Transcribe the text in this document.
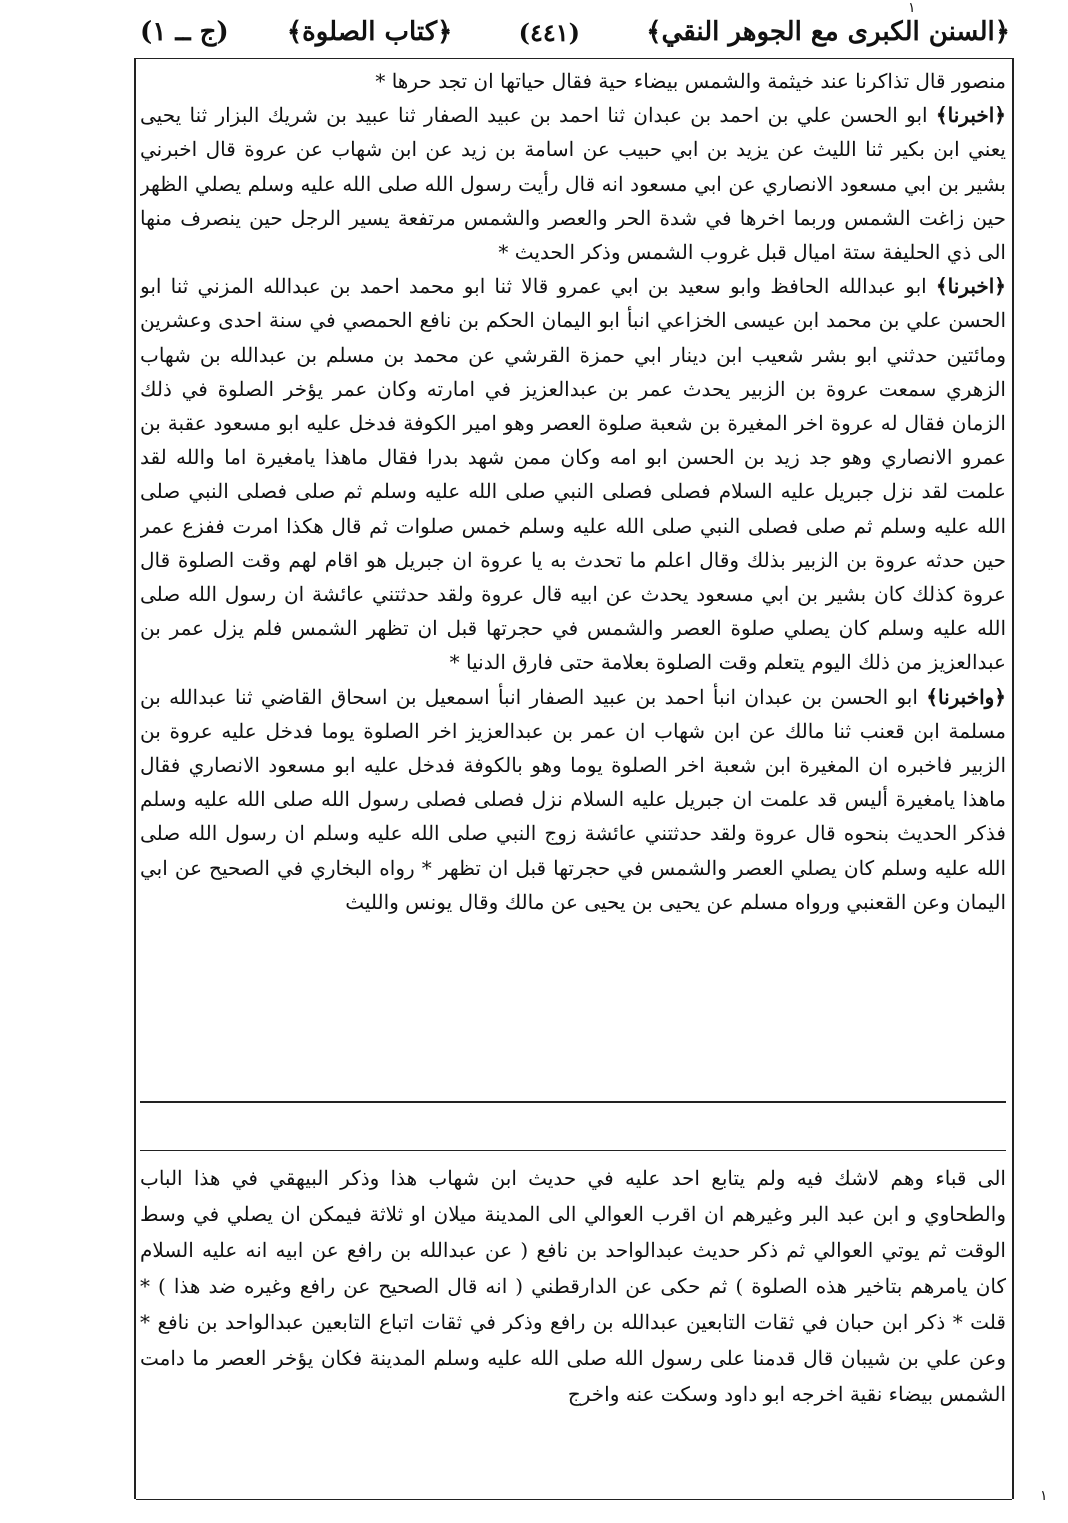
١
﴿السنن الكبرى مع الجوهر النقي﴾
(٤٤١)
﴿كتاب الصلوة﴾  (ج ــ ١)

منصور قال تذاكرنا عند خيثمة والشمس بيضاء حية فقال حياتها ان تجد حرها *

﴿اخبرنا﴾ ابو الحسن علي بن احمد بن عبدان ثنا احمد بن عبيد الصفار ثنا عبيد بن شريك البزار ثنا يحيى يعني ابن بكير ثنا الليث عن يزيد بن ابي حبيب عن اسامة بن زيد عن ابن شهاب عن عروة قال اخبرني بشير بن ابي مسعود الانصاري عن ابي مسعود انه قال رأيت رسول الله صلى الله عليه وسلم يصلي الظهر حين زاغت الشمس وربما اخرها في شدة الحر والعصر والشمس مرتفعة يسير الرجل حين ينصرف منها الى ذي الحليفة ستة اميال قبل غروب الشمس وذكر الحديث *

﴿اخبرنا﴾ ابو عبدالله الحافظ وابو سعيد بن ابي عمرو قالا ثنا ابو محمد احمد بن عبدالله المزني ثنا ابو الحسن علي بن محمد ابن عيسى الخزاعي انبأ ابو اليمان الحكم بن نافع الحمصي في سنة احدى وعشرين ومائتين حدثني ابو بشر شعيب ابن دينار ابي حمزة القرشي عن محمد بن مسلم بن عبدالله بن شهاب الزهري سمعت عروة بن الزبير يحدث عمر بن عبدالعزيز في امارته وكان عمر يؤخر الصلوة في ذلك الزمان فقال له عروة اخر المغيرة بن شعبة صلوة العصر وهو امير الكوفة فدخل عليه ابو مسعود عقبة بن عمرو الانصاري وهو جد زيد بن الحسن ابو امه وكان ممن شهد بدرا فقال ماهذا يامغيرة اما والله لقد علمت لقد نزل جبريل عليه السلام فصلى فصلى النبي صلى الله عليه وسلم ثم صلى فصلى النبي صلى الله عليه وسلم ثم صلى فصلى النبي صلى الله عليه وسلم خمس صلوات ثم قال هكذا امرت ففزع عمر حين حدثه عروة بن الزبير بذلك وقال اعلم ما تحدث به يا عروة ان جبريل هو اقام لهم وقت الصلوة قال عروة كذلك كان بشير بن ابي مسعود يحدث عن ابيه قال عروة ولقد حدثتني عائشة ان رسول الله صلى الله عليه وسلم كان يصلي صلوة العصر والشمس في حجرتها قبل ان تظهر الشمس فلم يزل عمر بن عبدالعزيز من ذلك اليوم يتعلم وقت الصلوة بعلامة حتى فارق الدنيا *

﴿واخبرنا﴾ ابو الحسن بن عبدان انبأ احمد بن عبيد الصفار انبأ اسمعيل بن اسحاق القاضي ثنا عبدالله بن مسلمة ابن قعنب ثنا مالك عن ابن شهاب ان عمر بن عبدالعزيز اخر الصلوة يوما فدخل عليه عروة بن الزبير فاخبره ان المغيرة ابن شعبة اخر الصلوة يوما وهو بالكوفة فدخل عليه ابو مسعود الانصاري فقال ماهذا يامغيرة أليس قد علمت ان جبريل عليه السلام نزل فصلى فصلى رسول الله صلى الله عليه وسلم فذكر الحديث بنحوه قال عروة ولقد حدثتني عائشة زوج النبي صلى الله عليه وسلم ان رسول الله صلى الله عليه وسلم كان يصلي العصر والشمس في حجرتها قبل ان تظهر * رواه البخاري في الصحيح عن ابي اليمان وعن القعنبي ورواه مسلم عن يحيى بن يحيى عن مالك وقال يونس والليث

الى قباء وهم لاشك فيه ولم يتابع احد عليه في حديث ابن شهاب هذا وذكر البيهقي في هذا الباب والطحاوي و ابن عبد البر وغيرهم ان اقرب العوالي الى المدينة ميلان او ثلاثة فيمكن ان يصلي في وسط الوقت ثم يوتي العوالي ثم ذكر حديث عبدالواحد بن نافع ( عن عبدالله بن رافع عن ابيه انه عليه السلام كان يامرهم بتاخير هذه الصلوة ) ثم حكى عن الدارقطني ( انه قال الصحيح عن رافع وغيره ضد هذا ) * قلت * ذكر ابن حبان في ثقات التابعين عبدالله بن رافع وذكر في ثقات اتباع التابعين عبدالواحد بن نافع * وعن علي بن شيبان قال قدمنا على رسول الله صلى الله عليه وسلم المدينة فكان يؤخر العصر ما دامت الشمس بيضاء نقية اخرجه ابو داود وسكت عنه واخرج

١
